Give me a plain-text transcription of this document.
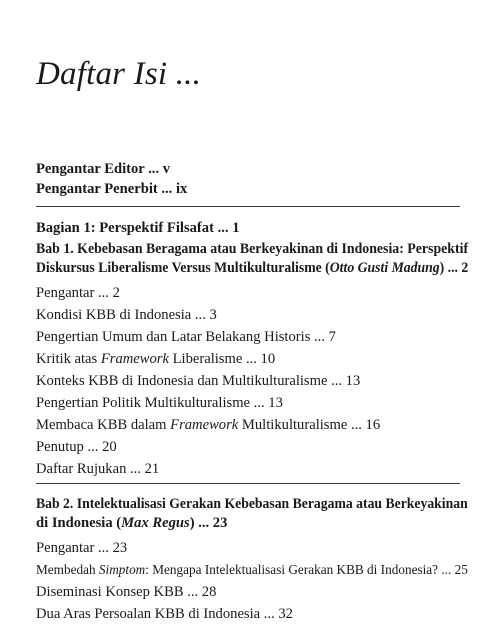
Daftar Isi ...
Pengantar Editor ... v
Pengantar Penerbit ... ix
Bagian 1: Perspektif Filsafat ... 1
Bab 1. Kebebasan Beragama atau Berkeyakinan di Indonesia: Perspektif
Diskursus Liberalisme Versus Multikulturalisme (Otto Gusti Madung) ... 2
Pengantar ... 2
Kondisi KBB di Indonesia ... 3
Pengertian Umum dan Latar Belakang Historis ... 7
Kritik atas Framework Liberalisme ... 10
Konteks KBB di Indonesia dan Multikulturalisme ... 13
Pengertian Politik Multikulturalisme ... 13
Membaca KBB dalam Framework Multikulturalisme ... 16
Penutup ... 20
Daftar Rujukan ... 21
Bab 2. Intelektualisasi Gerakan Kebebasan Beragama atau Berkeyakinan
di Indonesia (Max Regus) ... 23
Pengantar ... 23
Membedah Simptom: Mengapa Intelektualisasi Gerakan KBB di Indonesia? ... 25
Diseminasi Konsep KBB ... 28
Dua Aras Persoalan KBB di Indonesia ... 32
